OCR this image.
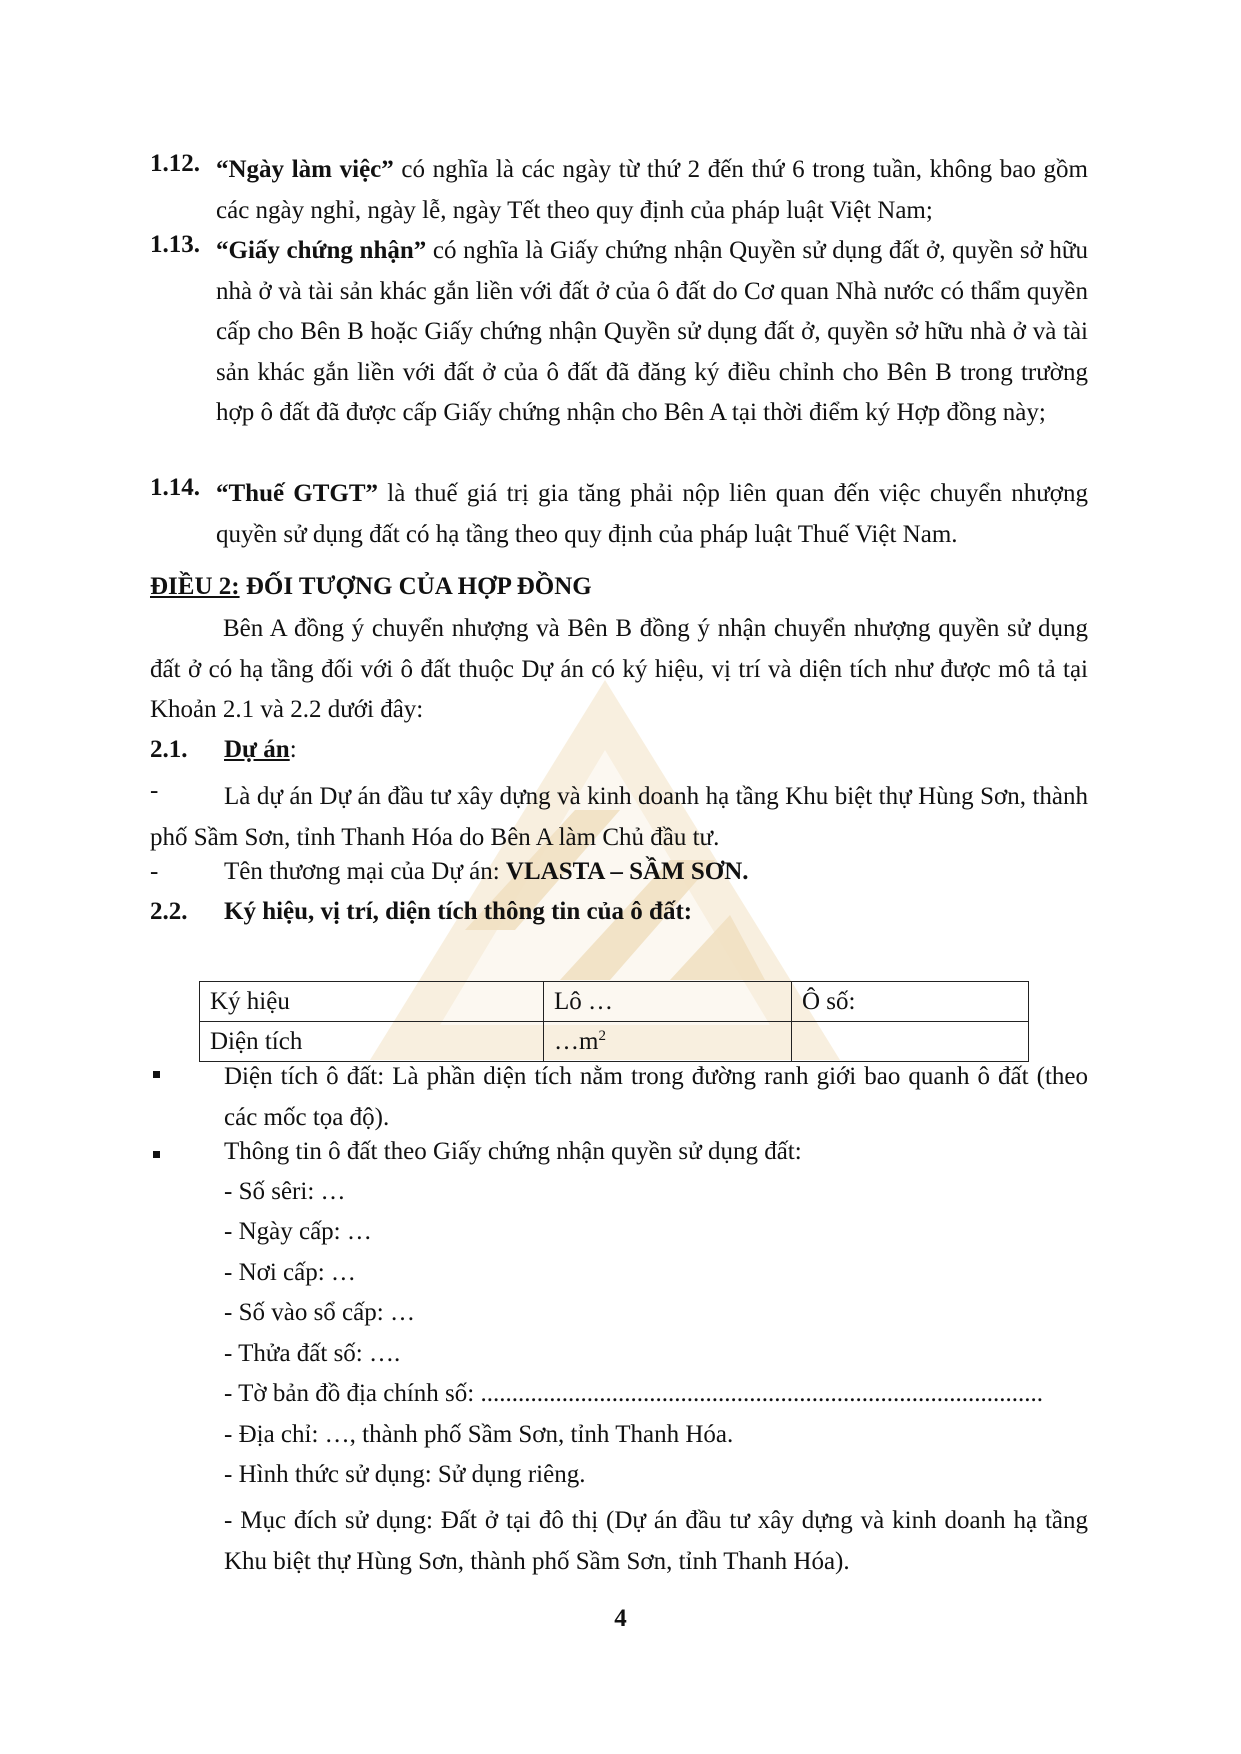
1.12. “Ngày làm việc” có nghĩa là các ngày từ thứ 2 đến thứ 6 trong tuần, không bao gồm các ngày nghỉ, ngày lễ, ngày Tết theo quy định của pháp luật Việt Nam;
1.13. “Giấy chứng nhận” có nghĩa là Giấy chứng nhận Quyền sử dụng đất ở, quyền sở hữu nhà ở và tài sản khác gắn liền với đất ở của ô đất do Cơ quan Nhà nước có thẩm quyền cấp cho Bên B hoặc Giấy chứng nhận Quyền sử dụng đất ở, quyền sở hữu nhà ở và tài sản khác gắn liền với đất ở của ô đất đã đăng ký điều chỉnh cho Bên B trong trường hợp ô đất đã được cấp Giấy chứng nhận cho Bên A tại thời điểm ký Hợp đồng này;
1.14. “Thuế GTGT” là thuế giá trị gia tăng phải nộp liên quan đến việc chuyển nhượng quyền sử dụng đất có hạ tầng theo quy định của pháp luật Thuế Việt Nam.
ĐIỀU 2: ĐỐI TƯỢNG CỦA HỢP ĐỒNG
Bên A đồng ý chuyển nhượng và Bên B đồng ý nhận chuyển nhượng quyền sử dụng đất ở có hạ tầng đối với ô đất thuộc Dự án có ký hiệu, vị trí và diện tích như được mô tả tại Khoản 2.1 và 2.2 dưới đây:
2.1. Dự án:
-	Là dự án Dự án đầu tư xây dựng và kinh doanh hạ tầng Khu biệt thự Hùng Sơn, thành phố Sầm Sơn, tỉnh Thanh Hóa do Bên A làm Chủ đầu tư.
-	Tên thương mại của Dự án: VLASTA – SẦM SƠN.
2.2. Ký hiệu, vị trí, diện tích thông tin của ô đất:
Ký hiệu	Lô …	Ô số:
Diện tích	$\dots m^2$	
Diện tích ô đất: Là phần diện tích nằm trong đường ranh giới bao quanh ô đất (theo các mốc tọa độ).
Thông tin ô đất theo Giấy chứng nhận quyền sử dụng đất:
- Số sêri: …
- Ngày cấp: …
- Nơi cấp: …
- Số vào sổ cấp: …
- Thửa đất số: ….
- Tờ bản đồ địa chính số: ..........................................................................................
- Địa chỉ: …, thành phố Sầm Sơn, tỉnh Thanh Hóa.
- Hình thức sử dụng: Sử dụng riêng.
- Mục đích sử dụng: Đất ở tại đô thị (Dự án đầu tư xây dựng và kinh doanh hạ tầng Khu biệt thự Hùng Sơn, thành phố Sầm Sơn, tỉnh Thanh Hóa).
4
